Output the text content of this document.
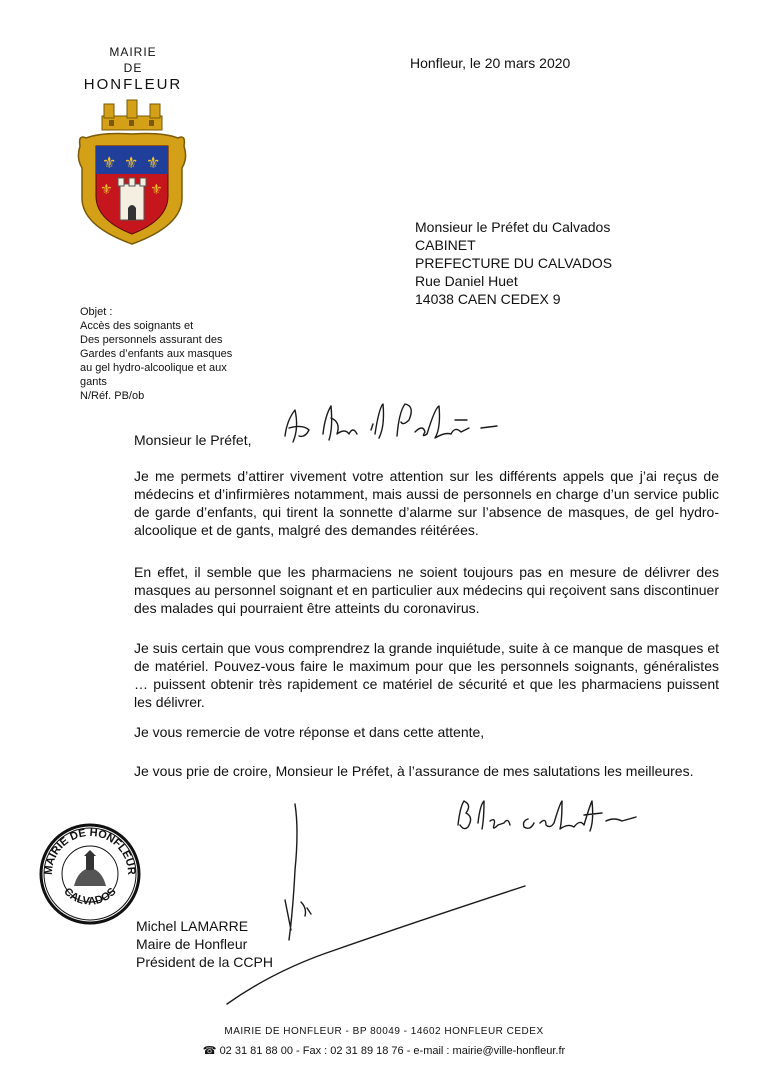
MAIRIE
DE
HONFLEUR
⚜ ⚜ ⚜
⚜	⚜
Honfleur, le 20 mars 2020
Monsieur le Préfet du Calvados
CABINET
PREFECTURE DU CALVADOS
Rue Daniel Huet
14038 CAEN CEDEX 9
Objet :
Accès des soignants et
Des personnels assurant des
Gardes d’enfants aux masques
au gel hydro-alcoolique et aux
gants
N/Réf. PB/ob
Monsieur le Préfet,
Je me permets d’attirer vivement votre attention sur les différents appels que j’ai reçus de médecins et d’infirmières notamment, mais aussi de personnels en charge d’un service public de garde d’enfants, qui tirent la sonnette d’alarme sur l’absence de masques, de gel hydro-alcoolique et de gants, malgré des demandes réitérées.
En effet, il semble que les pharmaciens ne soient toujours pas en mesure de délivrer des masques au personnel soignant et en particulier aux médecins qui reçoivent sans discontinuer des malades qui pourraient être atteints du coronavirus.
Je suis certain que vous comprendrez la grande inquiétude, suite à ce manque de masques et de matériel. Pouvez-vous faire le maximum pour que les personnels soignants, généralistes … puissent obtenir très rapidement ce matériel de sécurité et que les pharmaciens puissent les délivrer.
Je vous remercie de votre réponse et dans cette attente,
Je vous prie de croire, Monsieur le Préfet, à l’assurance de mes salutations les meilleures.
MAIRIE DE HONFLEUR
CALVADOS
Michel LAMARRE
Maire de Honfleur
Président de la CCPH
MAIRIE DE HONFLEUR - BP 80049 - 14602 HONFLEUR CEDEX
☎ 02 31 81 88 00 - Fax : 02 31 89 18 76 - e-mail : mairie@ville-honfleur.fr
